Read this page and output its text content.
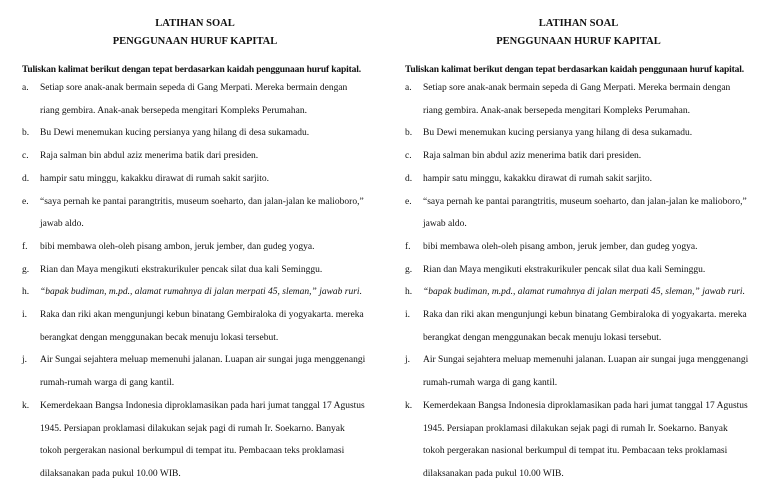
LATIHAN SOAL
PENGGUNAAN HURUF KAPITAL
Tuliskan kalimat berikut dengan tepat berdasarkan kaidah penggunaan huruf kapital.
a.	Setiap sore anak-anak bermain sepeda di Gang Merpati. Mereka bermain dengan
riang gembira. Anak-anak bersepeda mengitari Kompleks Perumahan.
b.	Bu Dewi menemukan kucing persianya yang hilang di desa sukamadu.
c.	Raja salman bin abdul aziz menerima batik dari presiden.
d.	hampir satu minggu, kakakku dirawat di rumah sakit sarjito.
e.	“saya pernah ke pantai parangtritis, museum soeharto, dan jalan-jalan ke malioboro,”
jawab aldo.
f.	bibi membawa oleh-oleh pisang ambon, jeruk jember, dan gudeg yogya.
g.	Rian dan Maya mengikuti ekstrakurikuler pencak silat dua kali Seminggu.
h.	“bapak budiman, m.pd., alamat rumahnya di jalan merpati 45, sleman,” jawab ruri.
i.	Raka dan riki akan mengunjungi kebun binatang Gembiraloka di yogyakarta. mereka
berangkat dengan menggunakan becak menuju lokasi tersebut.
j.	Air Sungai sejahtera meluap memenuhi jalanan. Luapan air sungai juga menggenangi
rumah-rumah warga di gang kantil.
k.	Kemerdekaan Bangsa Indonesia diproklamasikan pada hari jumat tanggal 17 Agustus
1945. Persiapan proklamasi dilakukan sejak pagi di rumah Ir. Soekarno. Banyak
tokoh pergerakan nasional berkumpul di tempat itu. Pembacaan teks proklamasi
dilaksanakan pada pukul 10.00 WIB.
LATIHAN SOAL
PENGGUNAAN HURUF KAPITAL
Tuliskan kalimat berikut dengan tepat berdasarkan kaidah penggunaan huruf kapital.
a.	Setiap sore anak-anak bermain sepeda di Gang Merpati. Mereka bermain dengan
riang gembira. Anak-anak bersepeda mengitari Kompleks Perumahan.
b.	Bu Dewi menemukan kucing persianya yang hilang di desa sukamadu.
c.	Raja salman bin abdul aziz menerima batik dari presiden.
d.	hampir satu minggu, kakakku dirawat di rumah sakit sarjito.
e.	“saya pernah ke pantai parangtritis, museum soeharto, dan jalan-jalan ke malioboro,”
jawab aldo.
f.	bibi membawa oleh-oleh pisang ambon, jeruk jember, dan gudeg yogya.
g.	Rian dan Maya mengikuti ekstrakurikuler pencak silat dua kali Seminggu.
h.	“bapak budiman, m.pd., alamat rumahnya di jalan merpati 45, sleman,” jawab ruri.
i.	Raka dan riki akan mengunjungi kebun binatang Gembiraloka di yogyakarta. mereka
berangkat dengan menggunakan becak menuju lokasi tersebut.
j.	Air Sungai sejahtera meluap memenuhi jalanan. Luapan air sungai juga menggenangi
rumah-rumah warga di gang kantil.
k.	Kemerdekaan Bangsa Indonesia diproklamasikan pada hari jumat tanggal 17 Agustus
1945. Persiapan proklamasi dilakukan sejak pagi di rumah Ir. Soekarno. Banyak
tokoh pergerakan nasional berkumpul di tempat itu. Pembacaan teks proklamasi
dilaksanakan pada pukul 10.00 WIB.
